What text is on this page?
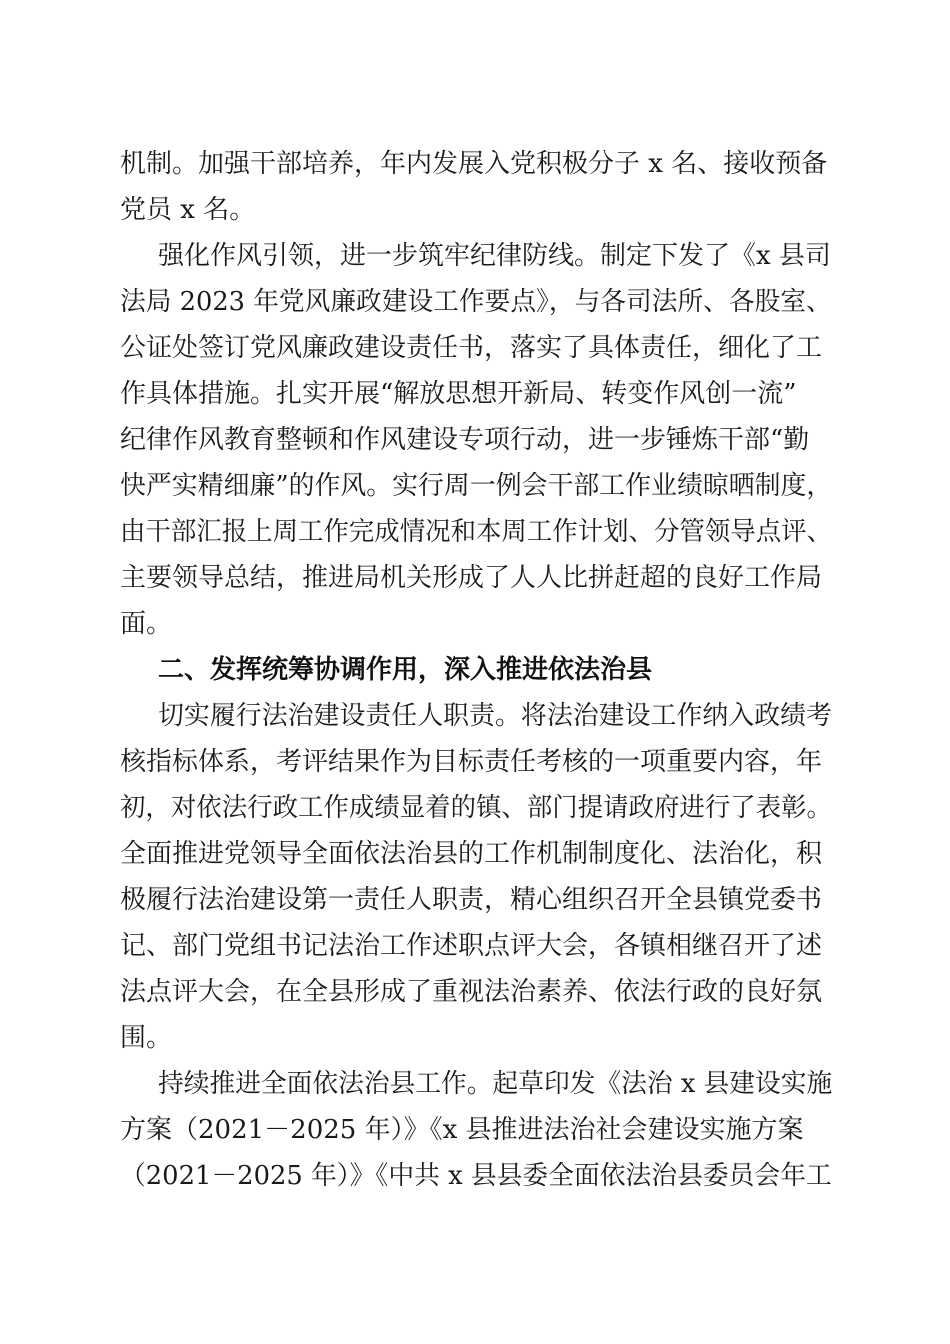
机制。加强干部培养，年内发展入党积极分子 x 名、接收预备

党员 x 名。

强化作风引领，进一步筑牢纪律防线。制定下发了《x 县司

法局 2023 年党风廉政建设工作要点》，与各司法所、各股室、

公证处签订党风廉政建设责任书，落实了具体责任，细化了工

作具体措施。扎实开展“解放思想开新局、转变作风创一流”

纪律作风教育整顿和作风建设专项行动，进一步锤炼干部“勤

快严实精细廉”的作风。实行周一例会干部工作业绩晾晒制度，

由干部汇报上周工作完成情况和本周工作计划、分管领导点评、

主要领导总结，推进局机关形成了人人比拼赶超的良好工作局

面。

二、发挥统筹协调作用，深入推进依法治县

切实履行法治建设责任人职责。将法治建设工作纳入政绩考

核指标体系，考评结果作为目标责任考核的一项重要内容，年

初，对依法行政工作成绩显着的镇、部门提请政府进行了表彰。

全面推进党领导全面依法治县的工作机制制度化、法治化，积

极履行法治建设第一责任人职责，精心组织召开全县镇党委书

记、部门党组书记法治工作述职点评大会，各镇相继召开了述

法点评大会，在全县形成了重视法治素养、依法行政的良好氛

围。

持续推进全面依法治县工作。起草印发《法治 x 县建设实施

方案（2021－2025 年）》《x 县推进法治社会建设实施方案

（2021－2025 年）》《中共 x 县县委全面依法治县委员会年工
